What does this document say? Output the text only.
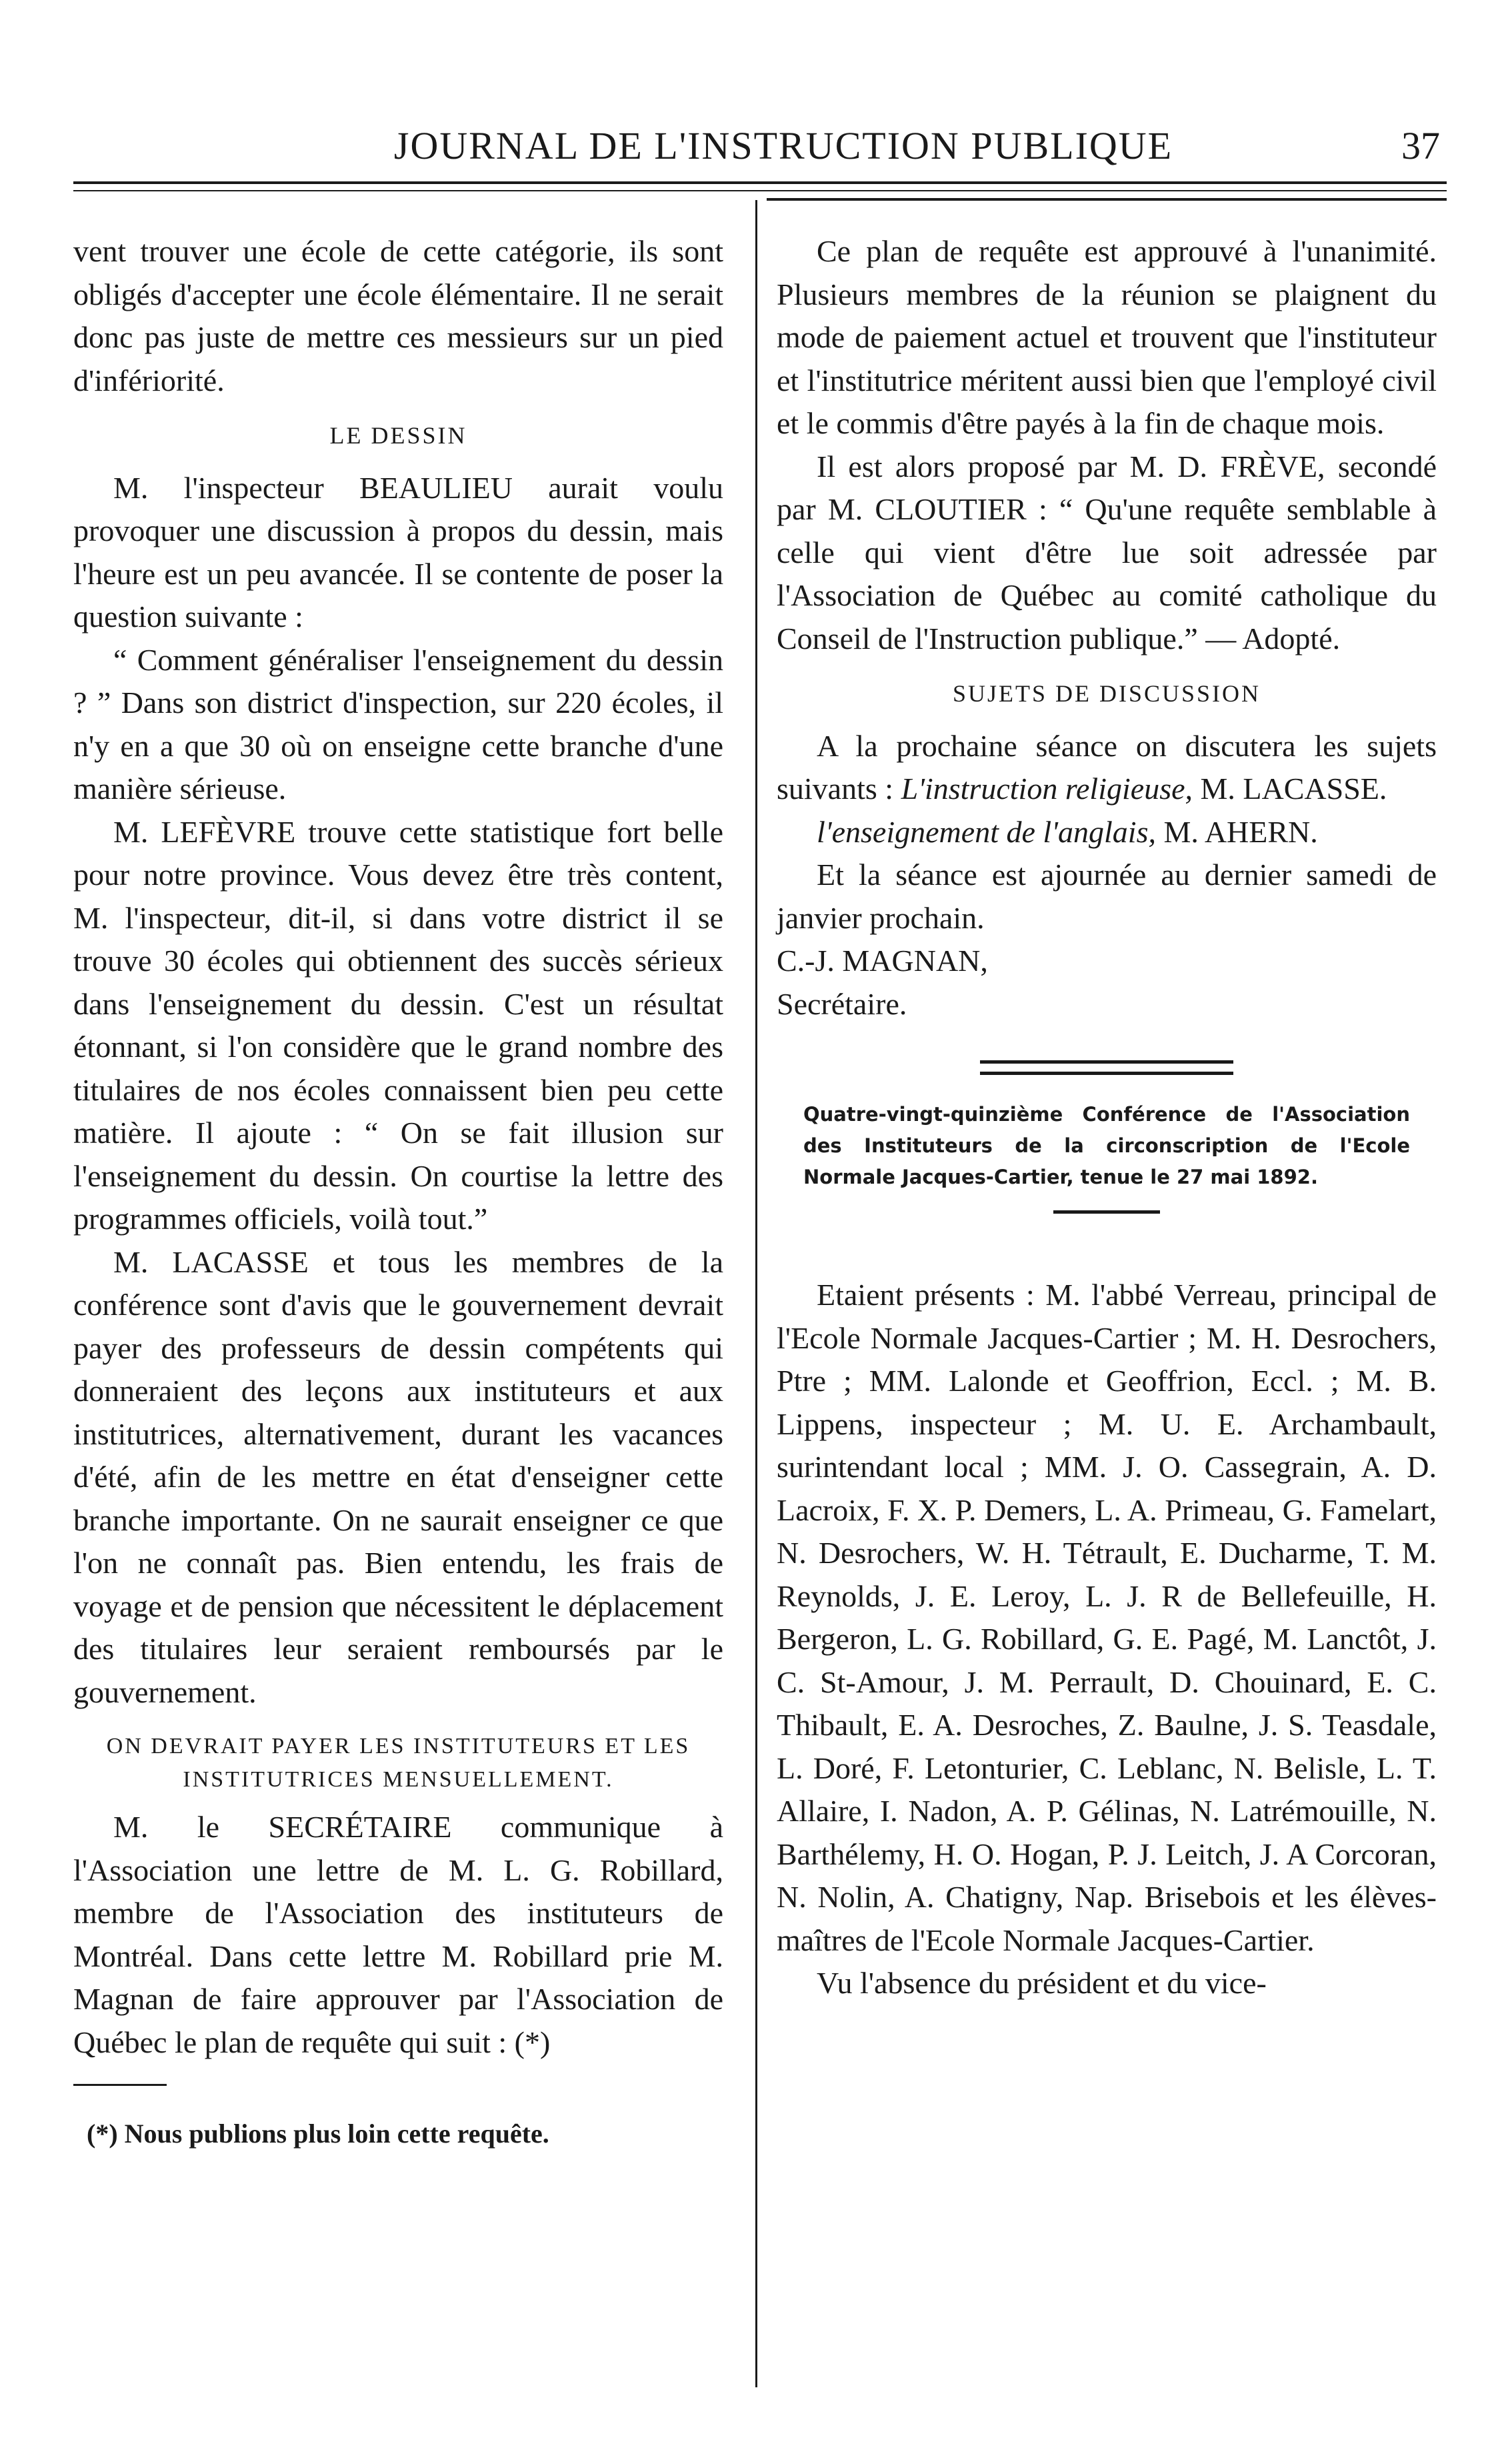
JOURNAL DE L'INSTRUCTION PUBLIQUE	37

vent trouver une école de cette catégorie, ils sont obligés d'accepter une école élémentaire. Il ne serait donc pas juste de mettre ces messieurs sur un pied d'infériorité.

LE DESSIN

M. l'inspecteur BEAULIEU aurait voulu provoquer une discussion à propos du dessin, mais l'heure est un peu avancée. Il se contente de poser la question suivante :

“ Comment généraliser l'enseignement du dessin ? ” Dans son district d'inspection, sur 220 écoles, il n'y en a que 30 où on enseigne cette branche d'une manière sérieuse.

M. LEFÈVRE trouve cette statistique fort belle pour notre province. Vous devez être très content, M. l'inspecteur, dit-il, si dans votre district il se trouve 30 écoles qui obtiennent des succès sérieux dans l'enseignement du dessin. C'est un résultat étonnant, si l'on considère que le grand nombre des titulaires de nos écoles connaissent bien peu cette matière. Il ajoute : “ On se fait illusion sur l'enseignement du dessin. On courtise la lettre des programmes officiels, voilà tout.”

M. LACASSE et tous les membres de la conférence sont d'avis que le gouvernement devrait payer des professeurs de dessin compétents qui donneraient des leçons aux instituteurs et aux institutrices, alternativement, durant les vacances d'été, afin de les mettre en état d'enseigner cette branche importante. On ne saurait enseigner ce que l'on ne connaît pas. Bien entendu, les frais de voyage et de pension que nécessitent le déplacement des titulaires leur seraient remboursés par le gouvernement.

ON DEVRAIT PAYER LES INSTITUTEURS ET LES INSTITUTRICES MENSUELLEMENT.

M. le SECRÉTAIRE communique à l'Association une lettre de M. L. G. Robillard, membre de l'Association des instituteurs de Montréal. Dans cette lettre M. Robillard prie M. Magnan de faire approuver par l'Association de Québec le plan de requête qui suit : (*)

(*) Nous publions plus loin cette requête.

Ce plan de requête est approuvé à l'unanimité. Plusieurs membres de la réunion se plaignent du mode de paiement actuel et trouvent que l'instituteur et l'institutrice méritent aussi bien que l'employé civil et le commis d'être payés à la fin de chaque mois.

Il est alors proposé par M. D. FRÈVE, secondé par M. CLOUTIER : “ Qu'une requête semblable à celle qui vient d'être lue soit adressée par l'Association de Québec au comité catholique du Conseil de l'Instruction publique.” — Adopté.

SUJETS DE DISCUSSION

A la prochaine séance on discutera les sujets suivants : L'instruction religieuse, M. LACASSE.

l'enseignement de l'anglais, M. AHERN.

Et la séance est ajournée au dernier samedi de janvier prochain.

C.-J. MAGNAN,

Secrétaire.

Quatre-vingt-quinzième Conférence de l'Association des Instituteurs de la circonscription de l'Ecole Normale Jacques-Cartier, tenue le 27 mai 1892.

Etaient présents : M. l'abbé Verreau, principal de l'Ecole Normale Jacques-Cartier ; M. H. Desrochers, Ptre ; MM. Lalonde et Geoffrion, Eccl. ; M. B. Lippens, inspecteur ; M. U. E. Archambault, surintendant local ; MM. J. O. Cassegrain, A. D. Lacroix, F. X. P. Demers, L. A. Primeau, G. Famelart, N. Desrochers, W. H. Tétrault, E. Ducharme, T. M. Reynolds, J. E. Leroy, L. J. R de Bellefeuille, H. Bergeron, L. G. Robillard, G. E. Pagé, M. Lanctôt, J. C. St-Amour, J. M. Perrault, D. Chouinard, E. C. Thibault, E. A. Desroches, Z. Baulne, J. S. Teasdale, L. Doré, F. Letonturier, C. Leblanc, N. Belisle, L. T. Allaire, I. Nadon, A. P. Gélinas, N. Latrémouille, N. Barthélemy, H. O. Hogan, P. J. Leitch, J. A Corcoran, N. Nolin, A. Chatigny, Nap. Brisebois et les élèves-maîtres de l'Ecole Normale Jacques-Cartier.

Vu l'absence du président et du vice-
